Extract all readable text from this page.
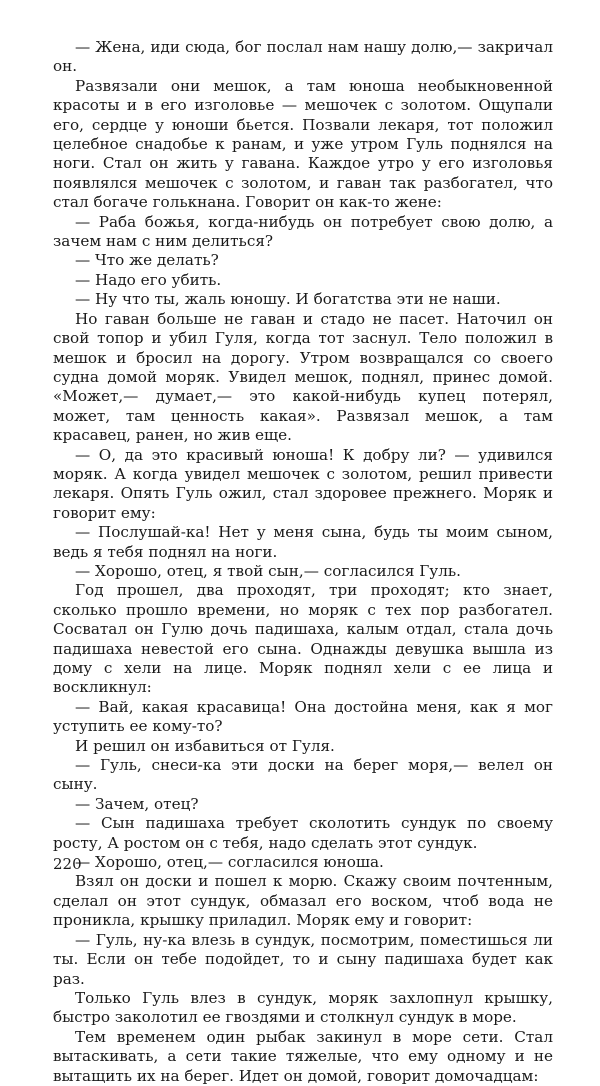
— Жена, иди сюда, бог послал нам нашу долю,— закричал он.

Развязали они мешок, а там юноша необыкновенной красоты и в его изголовье — мешочек с золотом. Ощупали его, сердце у юноши бьется. Позвали лекаря, тот положил целебное снадобье к ранам, и уже утром Гуль поднялся на ноги. Стал он жить у гавана. Каждое утро у его изголовья появлялся мешочек с золотом, и гаван так разбогател, что стал богаче голькнана. Говорит он как-то жене:

— Раба божья, когда-нибудь он потребует свою долю, а зачем нам с ним делиться?

— Что же делать?

— Надо его убить.

— Ну что ты, жаль юношу. И богатства эти не наши.

Но гаван больше не гаван и стадо не пасет. Наточил он свой топор и убил Гуля, когда тот заснул. Тело положил в мешок и бросил на дорогу. Утром возвращался со своего судна домой моряк. Увидел мешок, поднял, принес домой. «Может,— думает,— это какой-нибудь купец потерял, может, там ценность какая». Развязал мешок, а там красавец, ранен, но жив еще.

— О, да это красивый юноша! К добру ли? — удивился моряк. А когда увидел мешочек с золотом, решил привести лекаря. Опять Гуль ожил, стал здоровее прежнего. Моряк и говорит ему:

— Послушай-ка! Нет у меня сына, будь ты моим сыном, ведь я тебя поднял на ноги.

— Хорошо, отец, я твой сын,— согласился Гуль.

Год прошел, два проходят, три проходят; кто знает, сколько прошло времени, но моряк с тех пор разбогател. Сосватал он Гулю дочь падишаха, калым отдал, стала дочь падишаха невестой его сына. Однажды девушка вышла из дому с хели на лице. Моряк поднял хели с ее лица и воскликнул:

— Вай, какая красавица! Она достойна меня, как я мог уступить ее кому-то?

И решил он избавиться от Гуля.

— Гуль, снеси-ка эти доски на берег моря,— велел он сыну.

— Зачем, отец?

— Сын падишаха требует сколотить сундук по своему росту, А ростом он с тебя, надо сделать этот сундук.

— Хорошо, отец,— согласился юноша.

Взял он доски и пошел к морю. Скажу своим почтенным, сделал он этот сундук, обмазал его воском, чтоб вода не проникла, крышку приладил. Моряк ему и говорит:

— Гуль, ну-ка влезь в сундук, посмотрим, поместишься ли ты. Если он тебе подойдет, то и сыну падишаха будет как раз.

Только Гуль влез в сундук, моряк захлопнул крышку, быстро заколотил ее гвоздями и столкнул сундук в море.

Тем временем один рыбак закинул в море сети. Стал вытаскивать, а сети такие тяжелые, что ему одному и не вытащить их на берег. Идет он домой, говорит домочадцам:

220
